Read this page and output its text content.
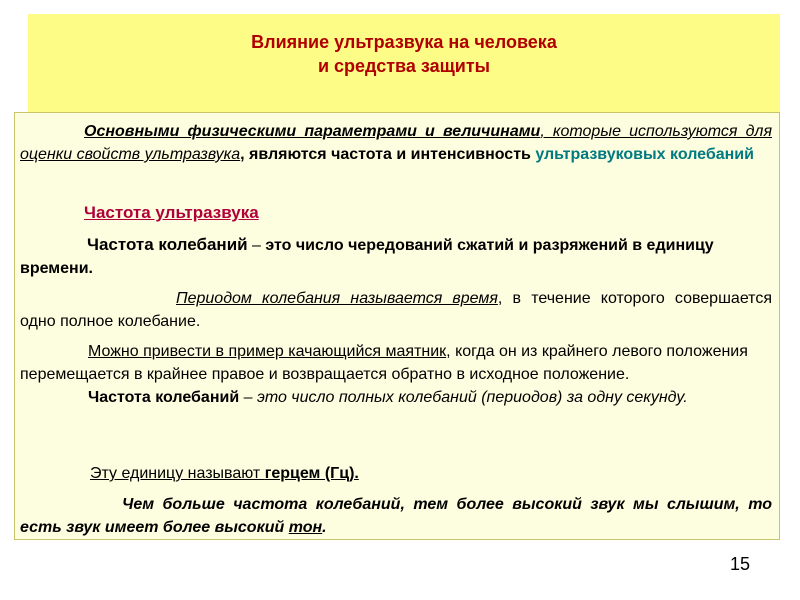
Влияние ультразвука на человека
и средства защиты
Основными физическими параметрами и величинами, которые используются для оценки свойств ультразвука, являются частота и интенсивность ультразвуковых колебаний
Частота ультразвука
Частота колебаний – это число чередований сжатий и разряжений в единицу времени.
Периодом колебания называется время, в течение которого совершается одно полное колебание.
Можно привести в пример качающийся маятник, когда он из крайнего левого положения перемещается в крайнее правое и возвращается обратно в исходное положение.
Частота колебаний – это число полных колебаний (периодов) за одну секунду.
Эту единицу называют герцем (Гц).
Чем больше частота колебаний, тем более высокий звук мы слышим, то есть звук имеет более высокий тон.
15
